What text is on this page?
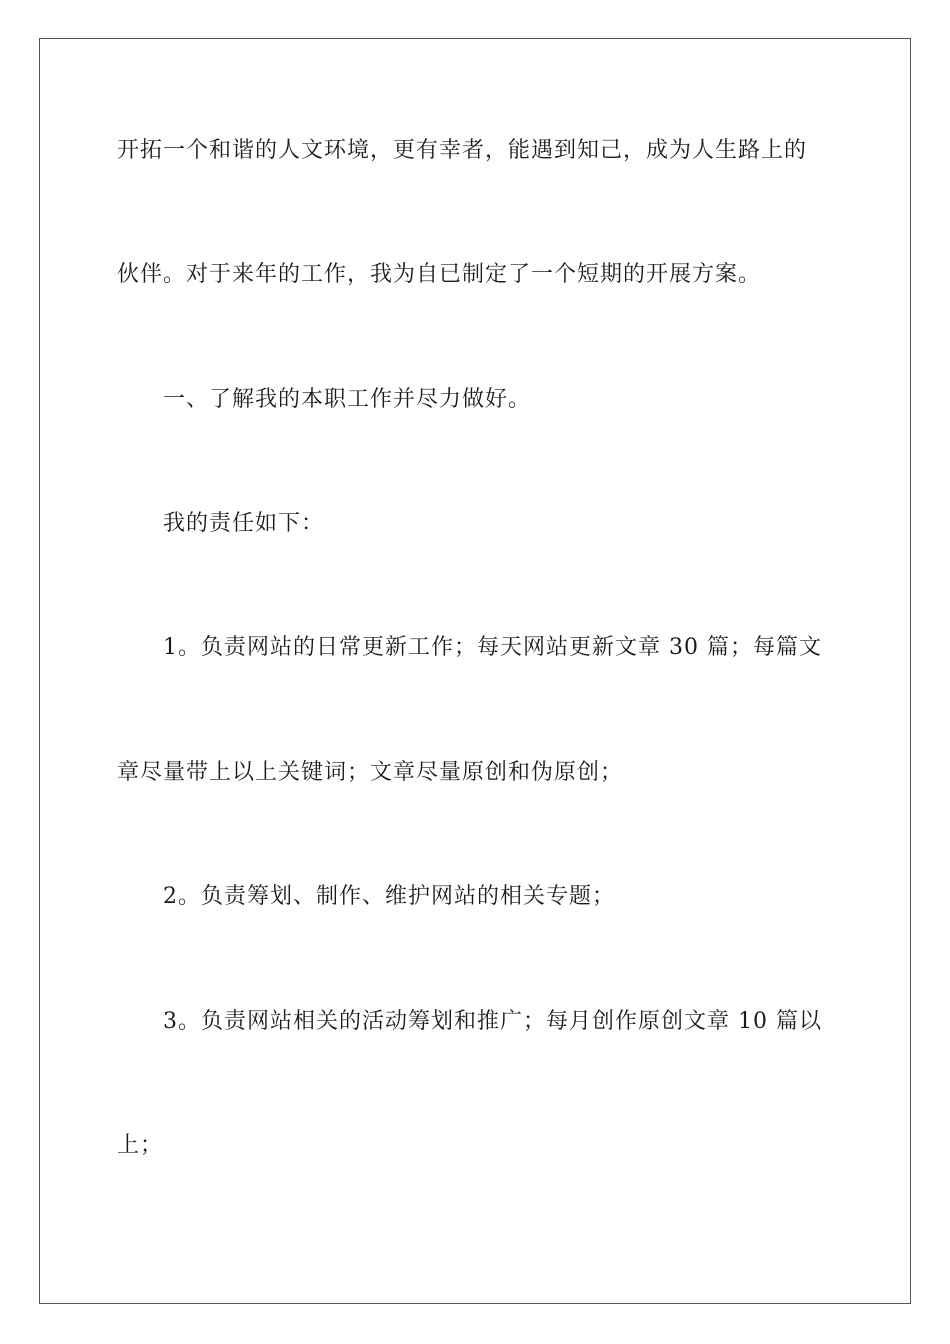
开拓一个和谐的人文环境，更有幸者，能遇到知己，成为人生路上的
伙伴。对于来年的工作，我为自已制定了一个短期的开展方案。
一、了解我的本职工作并尽力做好。
我的责任如下：
1。负责网站的日常更新工作；每天网站更新文章 30 篇；每篇文
章尽量带上以上关键词；文章尽量原创和伪原创；
2。负责筹划、制作、维护网站的相关专题；
3。负责网站相关的活动筹划和推广；每月创作原创文章 10 篇以
上；
